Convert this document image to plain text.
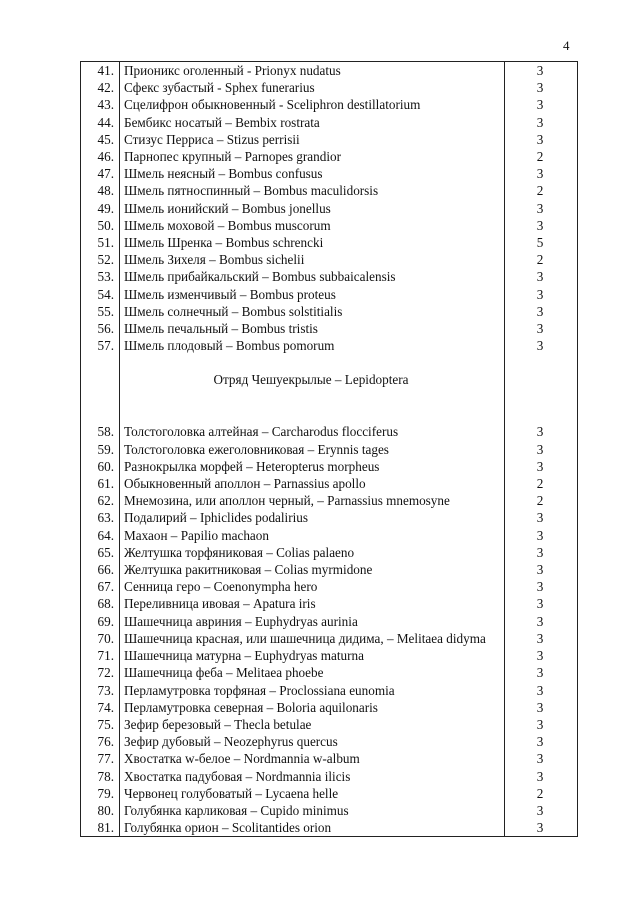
4
41.	Прионикс оголенный - Prionyx nudatus	3
42.	Сфекс зубастый - Sphex funerarius	3
43.	Сцелифрон обыкновенный - Sceliphron destillatorium	3
44.	Бембикс носатый – Bembix rostrata	3
45.	Стизус Перриса – Stizus perrisii	3
46.	Парнопес крупный – Parnopes grandior	2
47.	Шмель неясный – Bombus confusus	3
48.	Шмель пятноспинный – Bombus maculidorsis	2
49.	Шмель ионийский – Bombus jonellus	3
50.	Шмель моховой – Bombus muscorum	3
51.	Шмель Шренка – Bombus schrencki	5
52.	Шмель Зихеля – Bombus sichelii	2
53.	Шмель прибайкальский – Bombus subbaicalensis	3
54.	Шмель изменчивый – Bombus proteus	3
55.	Шмель солнечный – Bombus solstitialis	3
56.	Шмель печальный – Bombus tristis	3
57.	Шмель плодовый – Bombus pomorum	3

	Отряд Чешуекрылые – Lepidoptera	

58.	Толстоголовка алтейная – Carcharodus flocciferus	3
59.	Толстоголовка ежеголовниковая – Erynnis tages	3
60.	Разнокрылка морфей – Heteropterus morpheus	3
61.	Обыкновенный аполлон – Parnassius apollo	2
62.	Мнемозина, или аполлон черный, – Parnassius mnemosyne	2
63.	Подалирий – Iphiclides podalirius	3
64.	Махаон – Papilio machaon	3
65.	Желтушка торфяниковая – Colias palaeno	3
66.	Желтушка ракитниковая – Colias myrmidone	3
67.	Сенница геро – Coenonympha hero	3
68.	Переливница ивовая – Apatura iris	3
69.	Шашечница авриния – Euphydryas aurinia	3
70.	Шашечница красная, или шашечница дидима, – Melitaea didyma	3
71.	Шашечница матурна – Euphydryas maturna	3
72.	Шашечница феба – Melitaea phoebe	3
73.	Перламутровка торфяная – Proclossiana eunomia	3
74.	Перламутровка северная – Boloria aquilonaris	3
75.	Зефир березовый – Thecla betulae	3
76.	Зефир дубовый – Neozephyrus quercus	3
77.	Хвостатка w-белое – Nordmannia w-album	3
78.	Хвостатка падубовая – Nordmannia ilicis	3
79.	Червонец голубоватый – Lycaena helle	2
80.	Голубянка карликовая – Cupido minimus	3
81.	Голубянка орион – Scolitantides orion	3
